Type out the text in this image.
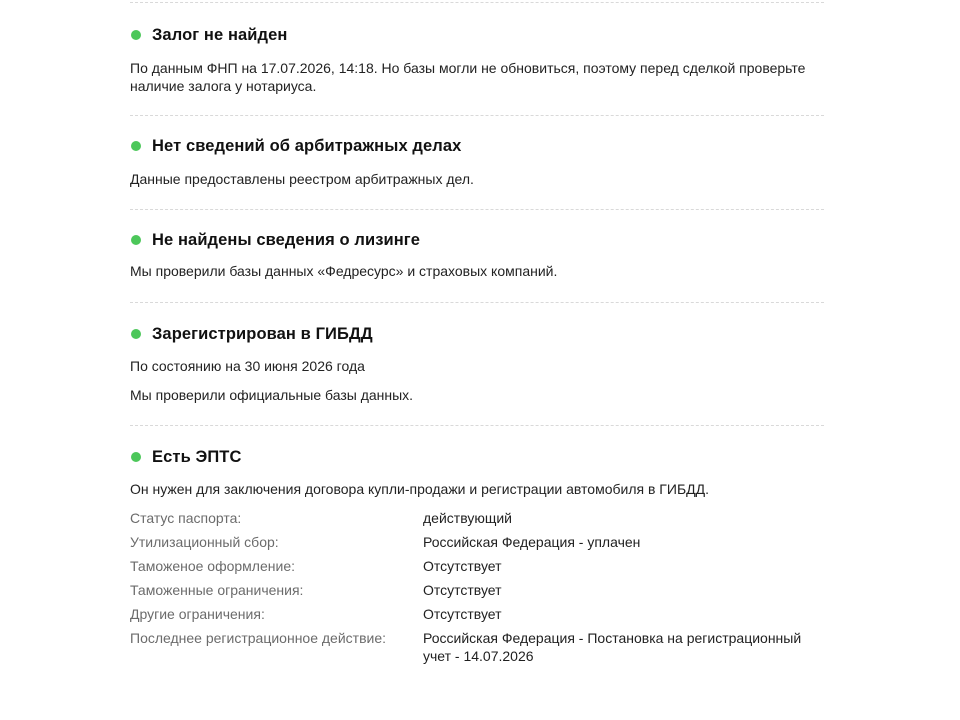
Залог не найден

По данным ФНП на 17.07.2026, 14:18. Но базы могли не обновиться, поэтому перед сделкой проверьте наличие залога у нотариуса.

Нет сведений об арбитражных делах

Данные предоставлены реестром арбитражных дел.

Не найдены сведения о лизинге

Мы проверили базы данных «Федресурс» и страховых компаний.

Зарегистрирован в ГИБДД

По состоянию на 30 июня 2026 года

Мы проверили официальные базы данных.

Есть ЭПТС

Он нужен для заключения договора купли-продажи и регистрации автомобиля в ГИБДД.

Статус паспорта:	действующий
Утилизационный сбор:	Российская Федерация - уплачен
Таможеное оформление:	Отсутствует
Таможенные ограничения:	Отсутствует
Другие ограничения:	Отсутствует
Последнее регистрационное действие:	Российская Федерация - Постановка на регистрационный учет - 14.07.2026
